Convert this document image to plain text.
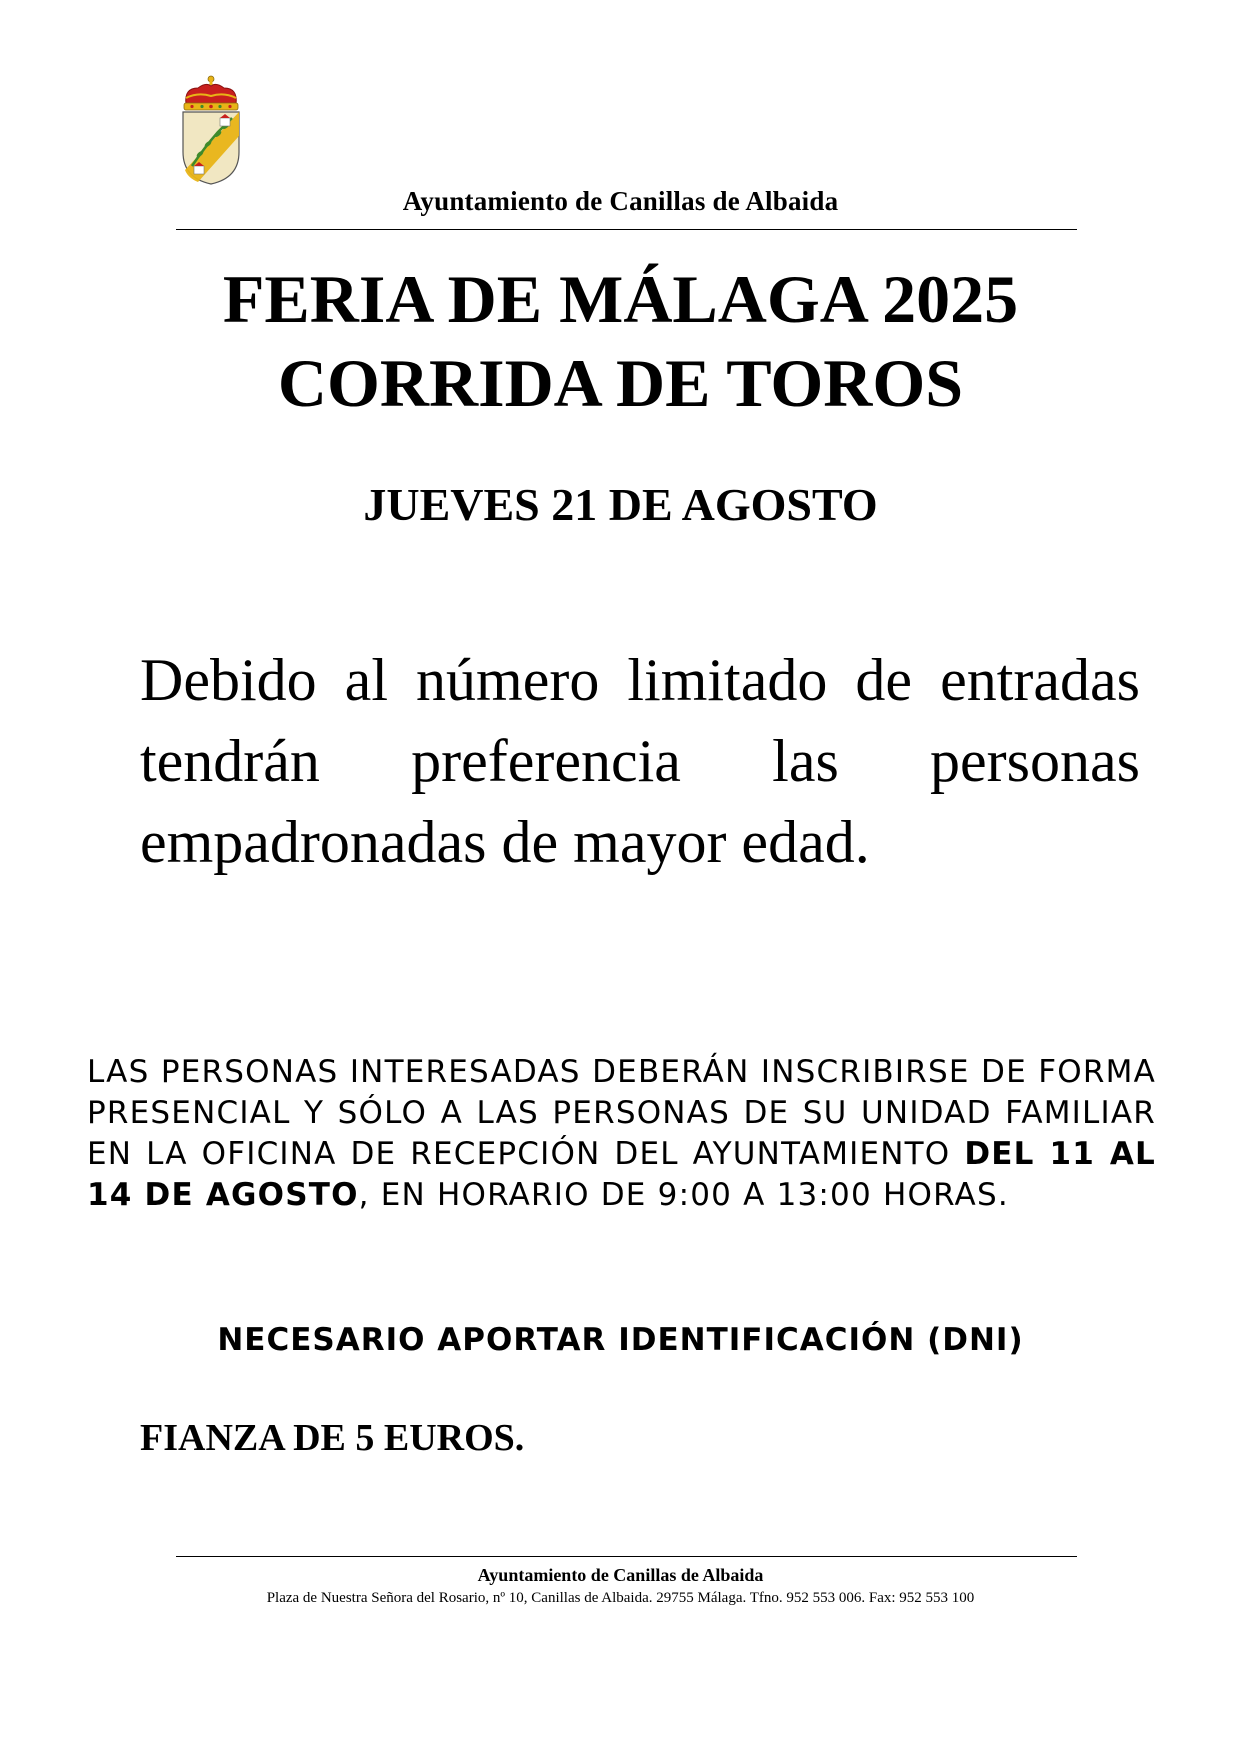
Ayuntamiento de Canillas de Albaida
FERIA DE MÁLAGA 2025
CORRIDA DE TOROS
JUEVES 21 DE AGOSTO
Debido al número limitado de entradas tendrán preferencia las personas empadronadas de mayor edad.
LAS PERSONAS INTERESADAS DEBERÁN INSCRIBIRSE DE FORMA PRESENCIAL Y SÓLO A LAS PERSONAS DE SU UNIDAD FAMILIAR EN LA OFICINA DE RECEPCIÓN DEL AYUNTAMIENTO DEL 11 AL 14 DE AGOSTO, EN HORARIO DE 9:00 A 13:00 HORAS.
NECESARIO APORTAR IDENTIFICACIÓN (DNI)
FIANZA DE 5 EUROS.
Ayuntamiento de Canillas de Albaida
Plaza de Nuestra Señora del Rosario, nº 10, Canillas de Albaida. 29755 Málaga. Tfno. 952 553 006. Fax: 952 553 100
